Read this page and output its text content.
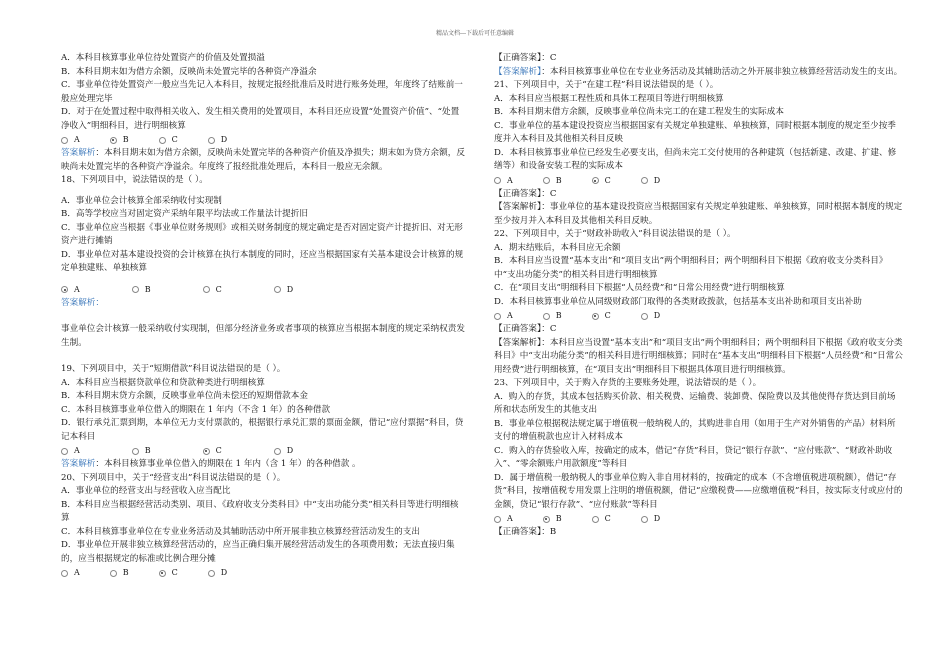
精品文档---下载后可任意编辑
A．本科目核算事业单位待处置资产的价值及处置损溢
B．本科目期末如为借方余额，反映尚未处置完毕的各种资产净溢余
C．事业单位待处置资产一般应当先记入本科目，按规定报经批准后及时进行账务处理，年度终了结账前一般应处理完毕
D．对于在处置过程中取得相关收入、发生相关费用的处置项目，本科目还应设置“处置资产价值”、“处置净收入”明细科目，进行明细核算
A	B	C	D
答案解析：本科目期末如为借方余额，反映尚未处置完毕的各种资产价值及净损失；期末如为贷方余额，反映尚未处置完毕的各种资产净溢余。年度终了报经批准处理后，本科目一般应无余额。
18、下列项目中，说法错误的是（ ）。
A．事业单位会计核算全部采纳收付实现制
B．高等学校应当对固定资产采纳年限平均法或工作量法计提折旧
C．事业单位应当根据《事业单位财务规则》或相关财务制度的规定确定是否对固定资产计提折旧、对无形资产进行摊销
D．事业单位对基本建设投资的会计核算在执行本制度的同时，还应当根据国家有关基本建设会计核算的规定单独建账、单独核算
A	B	C	D
答案解析：
事业单位会计核算一般采纳收付实现制，但部分经济业务或者事项的核算应当根据本制度的规定采纳权责发生制。
19、下列项目中，关于“短期借款”科目说法错误的是（ ）。
A．本科目应当根据贷款单位和贷款种类进行明细核算
B．本科目期末贷方余额，反映事业单位尚未偿还的短期借款本金
C．本科目核算事业单位借入的期限在 1 年内（不含 1 年）的各种借款
D．银行承兑汇票到期，本单位无力支付票款的，根据银行承兑汇票的票面金额，借记“应付票据”科目，贷记本科目
A	B	C	D
答案解析：本科目核算事业单位借入的期限在 1 年内（含 1 年）的各种借款 。
20、下列项目中，关于“经营支出”科目说法错误的是（ ）。
A．事业单位的经营支出与经营收入应当配比
B．本科目应当根据经营活动类别、项目、《政府收支分类科目》中“支出功能分类”相关科目等进行明细核算
C．本科目核算事业单位在专业业务活动及其辅助活动中所开展非独立核算经营活动发生的支出
D．事业单位开展非独立核算经营活动的，应当正确归集开展经营活动发生的各项费用数；无法直接归集的，应当根据规定的标准或比例合理分摊
A	B	C	D
【正确答案】：C
【答案解析】：本科目核算事业单位在专业业务活动及其辅助活动之外开展非独立核算经营活动发生的支出。
21、下列项目中，关于“在建工程”科目说法错误的是（ ）。
A．本科目应当根据工程性质和具体工程项目等进行明细核算
B．本科目期末借方余额，反映事业单位尚未完工的在建工程发生的实际成本
C．事业单位的基本建设投资应当根据国家有关规定单独建账、单独核算，同时根据本制度的规定至少按季度并入本科目及其他相关科目反映
D．本科目核算事业单位已经发生必要支出，但尚未完工交付使用的各种建筑（包括新建、改建、扩建、修缮等）和设备安装工程的实际成本
A	B	C	D
【正确答案】：C
【答案解析】：事业单位的基本建设投资应当根据国家有关规定单独建账、单独核算，同时根据本制度的规定至少按月并入本科目及其他相关科目反映。
22、下列项目中，关于“财政补助收入”科目说法错误的是（ ）。
A．期末结账后，本科目应无余额
B．本科目应当设置“基本支出”和“项目支出”两个明细科目；两个明细科目下根据《政府收支分类科目》中“支出功能分类”的相关科目进行明细核算
C．在“项目支出”明细科目下根据“人员经费”和“日常公用经费”进行明细核算
D．本科目核算事业单位从同级财政部门取得的各类财政拨款，包括基本支出补助和项目支出补助
A	B	C	D
【正确答案】：C
【答案解析】：本科目应当设置“基本支出”和“项目支出”两个明细科目；两个明细科目下根据《政府收支分类科目》中“支出功能分类”的相关科目进行明细核算；同时在“基本支出”明细科目下根据“人员经费”和“日常公用经费”进行明细核算，在“项目支出”明细科目下根据具体项目进行明细核算。
23、下列项目中，关于购入存货的主要账务处理，说法错误的是（ ）。
A．购入的存货，其成本包括购买价款、相关税费、运输费、装卸费、保险费以及其他使得存货达到目前场所和状态所发生的其他支出
B．事业单位根据税法规定属于增值税一般纳税人的，其购进非自用（如用于生产对外销售的产品）材料所支付的增值税款也应计入材料成本
C．购入的存货验收入库，按确定的成本，借记“存货”科目，贷记“银行存款”、“应付账款”、“财政补助收入”、“零余额账户用款额度”等科目
D．属于增值税一般纳税人的事业单位购入非自用材料的，按确定的成本（不含增值税进项税额），借记“存货”科目，按增值税专用发票上注明的增值税额，借记“应缴税费——应缴增值税”科目，按实际支付或应付的金额，贷记“银行存款”、“应付账款”等科目
A	B	C	D
【正确答案】：B
